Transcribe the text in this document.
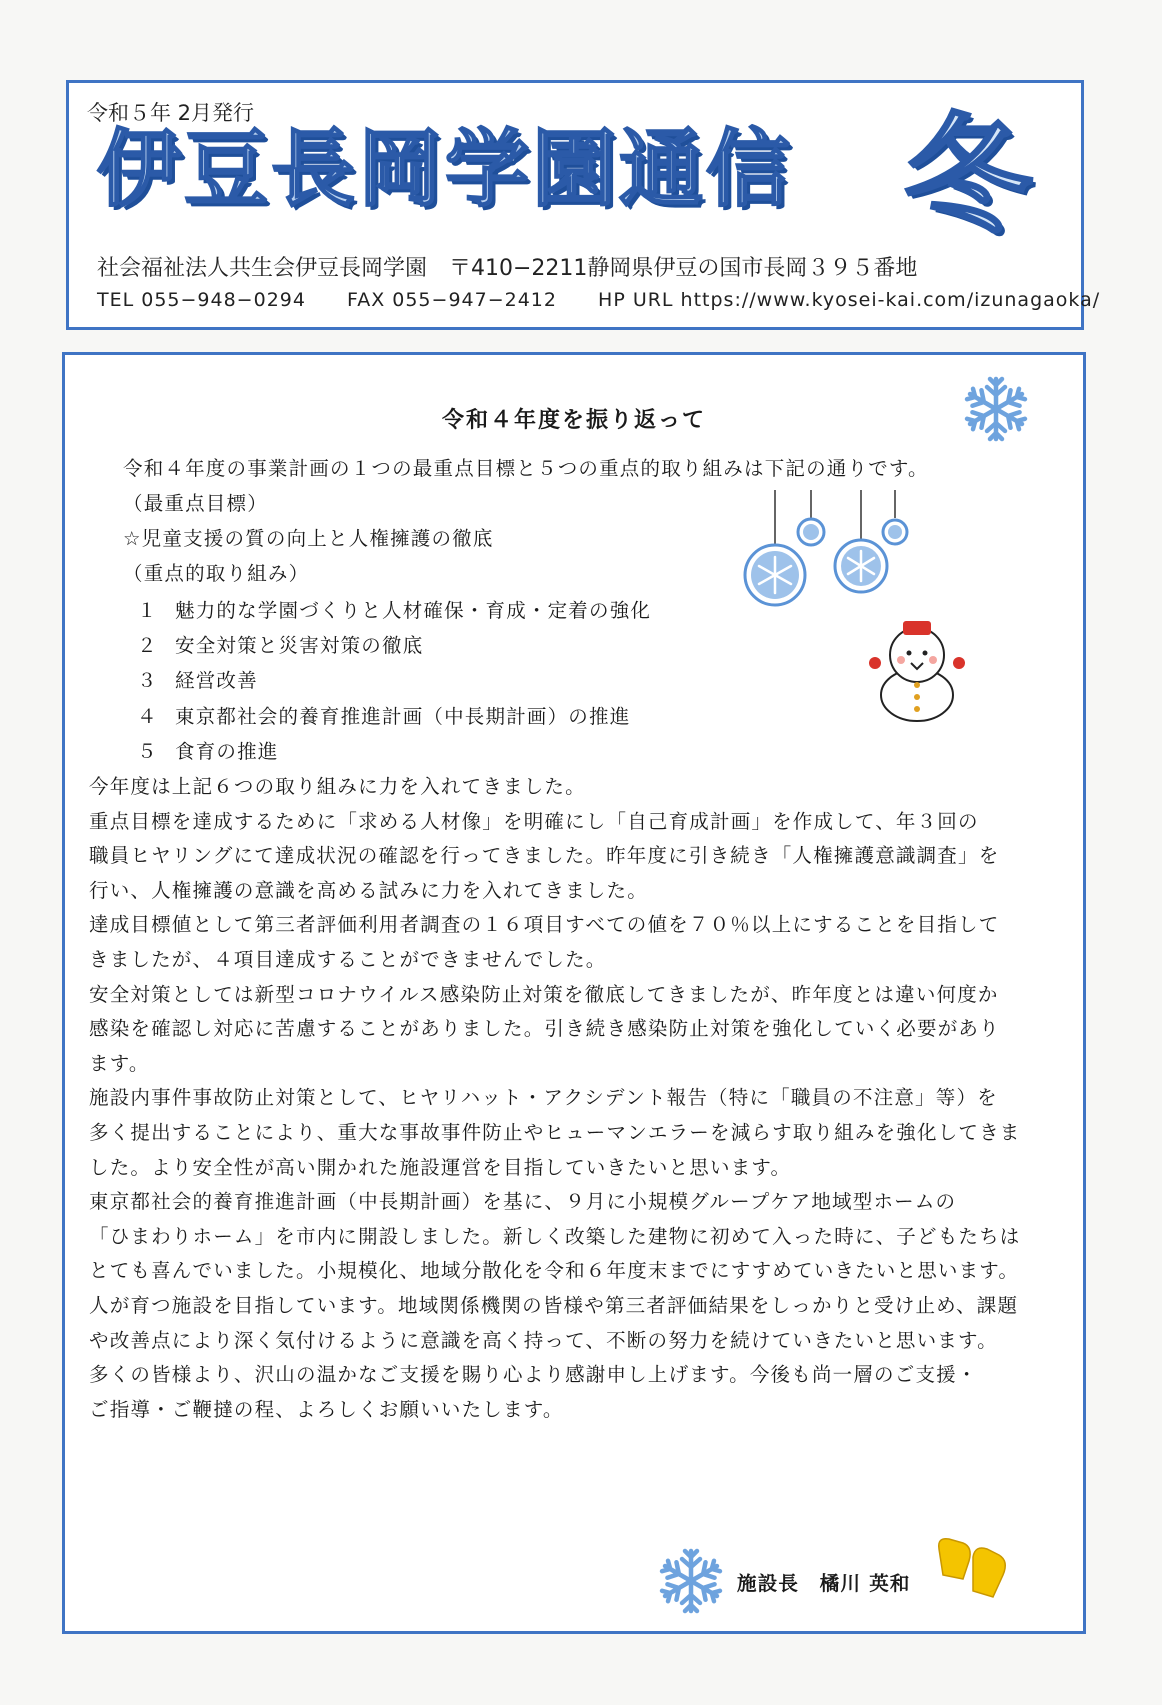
令和５年 2月発行
伊豆長岡学園通信 冬
社会福祉法人共生会伊豆長岡学園　〒410−2211静岡県伊豆の国市長岡３９５番地
TEL 055−948−0294 FAX 055−947−2412 HP URL https://www.kyosei-kai.com/izunagaoka/
令和４年度を振り返って
令和４年度の事業計画の１つの最重点目標と５つの重点的取り組みは下記の通りです。
（最重点目標）
☆児童支援の質の向上と人権擁護の徹底
（重点的取り組み）
１ 魅力的な学園づくりと人材確保・育成・定着の強化
２ 安全対策と災害対策の徹底
３ 経営改善
４ 東京都社会的養育推進計画（中長期計画）の推進
５ 食育の推進
今年度は上記６つの取り組みに力を入れてきました。
重点目標を達成するために「求める人材像」を明確にし「自己育成計画」を作成して、年３回の
職員ヒヤリングにて達成状況の確認を行ってきました。昨年度に引き続き「人権擁護意識調査」を
行い、人権擁護の意識を高める試みに力を入れてきました。
達成目標値として第三者評価利用者調査の１６項目すべての値を７０％以上にすることを目指して
きましたが、４項目達成することができませんでした。
安全対策としては新型コロナウイルス感染防止対策を徹底してきましたが、昨年度とは違い何度か
感染を確認し対応に苦慮することがありました。引き続き感染防止対策を強化していく必要があり
ます。
施設内事件事故防止対策として、ヒヤリハット・アクシデント報告（特に「職員の不注意」等）を
多く提出することにより、重大な事故事件防止やヒューマンエラーを減らす取り組みを強化してきま
した。より安全性が高い開かれた施設運営を目指していきたいと思います。
東京都社会的養育推進計画（中長期計画）を基に、９月に小規模グループケア地域型ホームの
「ひまわりホーム」を市内に開設しました。新しく改築した建物に初めて入った時に、子どもたちは
とても喜んでいました。小規模化、地域分散化を令和６年度末までにすすめていきたいと思います。
人が育つ施設を目指しています。地域関係機関の皆様や第三者評価結果をしっかりと受け止め、課題
や改善点により深く気付けるように意識を高く持って、不断の努力を続けていきたいと思います。
多くの皆様より、沢山の温かなご支援を賜り心より感謝申し上げます。今後も尚一層のご支援・
ご指導・ご鞭撻の程、よろしくお願いいたします。
施設長　橘川 英和
